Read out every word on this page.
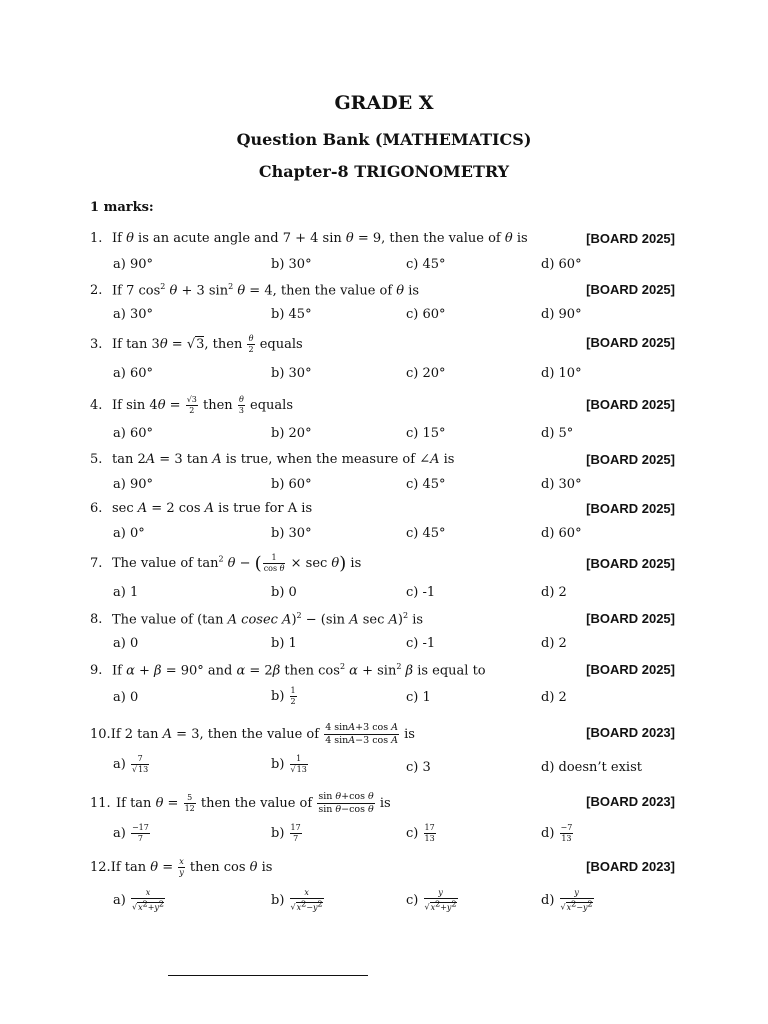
GRADE X
Question Bank (MATHEMATICS)
Chapter-8 TRIGONOMETRY
1 marks:
1. If θ is an acute angle and 7 + 4 sin θ = 9, then the value of θ is	[BOARD 2025]
a) 90°	b) 30°	c) 45°	d) 60°
2. If 7 $\cos^2 \theta + 3$ $\sin^2 \theta = 4$, then the value of θ is	[BOARD 2025]
a) 30°	b) 45°	c) 60°	d) 90°
3. If tan 3θ = √3, then $\frac{\theta}{2}$ equals	[BOARD 2025]
a) 60°	b) 30°	c) 20°	d) 10°
4. If $\sin 4\theta = \frac{√3}{2}$ then $\frac{\theta}{3}$ equals	[BOARD 2025]
a) 60°	b) 20°	c) 15°	d) 5°
5. tan 2A = 3 tan A is true, when the measure of ∠A is	[BOARD 2025]
a) 90°	b) 60°	c) 45°	d) 30°
6. sec A = 2 cos A is true for A is	[BOARD 2025]
a) 0°	b) 30°	c) 45°	d) 60°
7. The value of $\tan^2 \theta$ − ( $\frac{1}{\text{cos θ}} \times \sec \theta$) is	[BOARD 2025]
a) 1	b) 0	c) -1	d) 2
8. The value of (tan A cosec A)$^2$ − (sin A sec A)$^2$ is	[BOARD 2025]
a) 0	b) 1	c) -1	d) 2
9. If α + β = 90° and α = 2β then $\cos^2 \alpha + \sin^2 \beta$ is equal to	[BOARD 2025]
a) 0	$b) \frac{1}{2}$	c) 1	d) 2
10.If 2 tan A = 3, then the value of $\frac{\text{4 sinA+3 cos A}}{\text{4 sinA−3 cos A}}$ is	[BOARD 2023]
$a) \frac{7}{√13}$	$b) \frac{1}{√13}$	c) 3	d) doesn’t exist
11. If $\tan \theta = \frac{5}{12}$ then the value of $\frac{\text{sin θ+cos θ}}{\text{sin θ−cos θ}}$ is	[BOARD 2023]
$a) \frac{-17}{7}$	$b) \frac{17}{7}$	$c) \frac{17}{13}$	$d) \frac{-7}{13}$
12.If $\tan \theta = \frac{x}{y}$ then cos θ is	[BOARD 2023]
$a) \frac{x}{√x^2+y^2}$	$b) \frac{x}{√x^2-y^2}$	$c) \frac{y}{√x^2+y^2}$	$d) \frac{y}{√x^2-y^2}$
